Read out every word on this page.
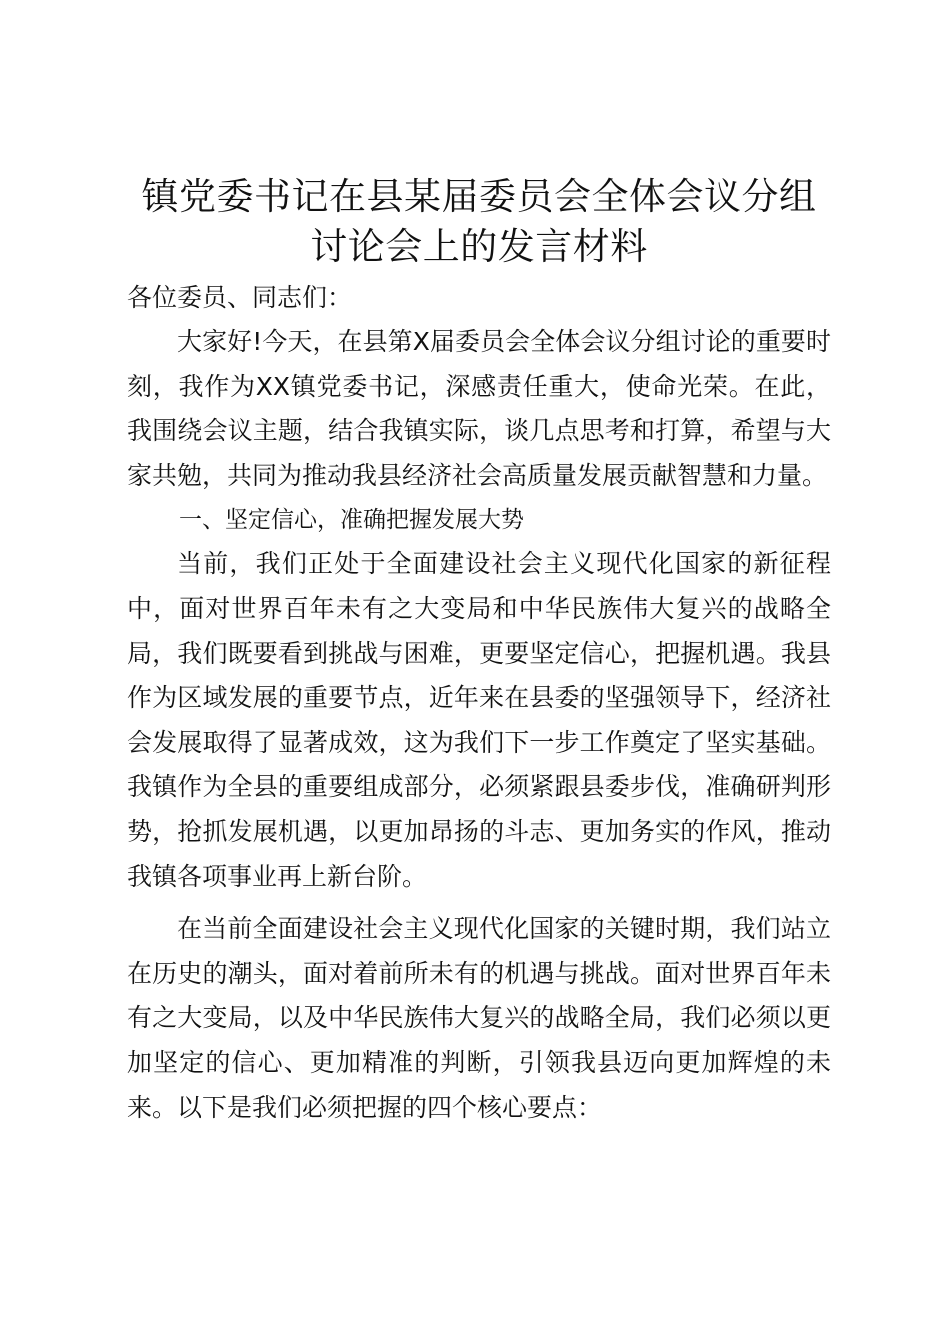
镇党委书记在县某届委员会全体会议分组讨论会上的发言材料

各位委员、同志们：

大家好!今天，在县第X届委员会全体会议分组讨论的重要时刻，我作为XX镇党委书记，深感责任重大，使命光荣。在此，我围绕会议主题，结合我镇实际，谈几点思考和打算，希望与大家共勉，共同为推动我县经济社会高质量发展贡献智慧和力量。

一、坚定信心，准确把握发展大势

当前，我们正处于全面建设社会主义现代化国家的新征程中，面对世界百年未有之大变局和中华民族伟大复兴的战略全局，我们既要看到挑战与困难，更要坚定信心，把握机遇。我县作为区域发展的重要节点，近年来在县委的坚强领导下，经济社会发展取得了显著成效，这为我们下一步工作奠定了坚实基础。我镇作为全县的重要组成部分，必须紧跟县委步伐，准确研判形势，抢抓发展机遇，以更加昂扬的斗志、更加务实的作风，推动我镇各项事业再上新台阶。

在当前全面建设社会主义现代化国家的关键时期，我们站立在历史的潮头，面对着前所未有的机遇与挑战。面对世界百年未有之大变局，以及中华民族伟大复兴的战略全局，我们必须以更加坚定的信心、更加精准的判断，引领我县迈向更加辉煌的未来。以下是我们必须把握的四个核心要点：
